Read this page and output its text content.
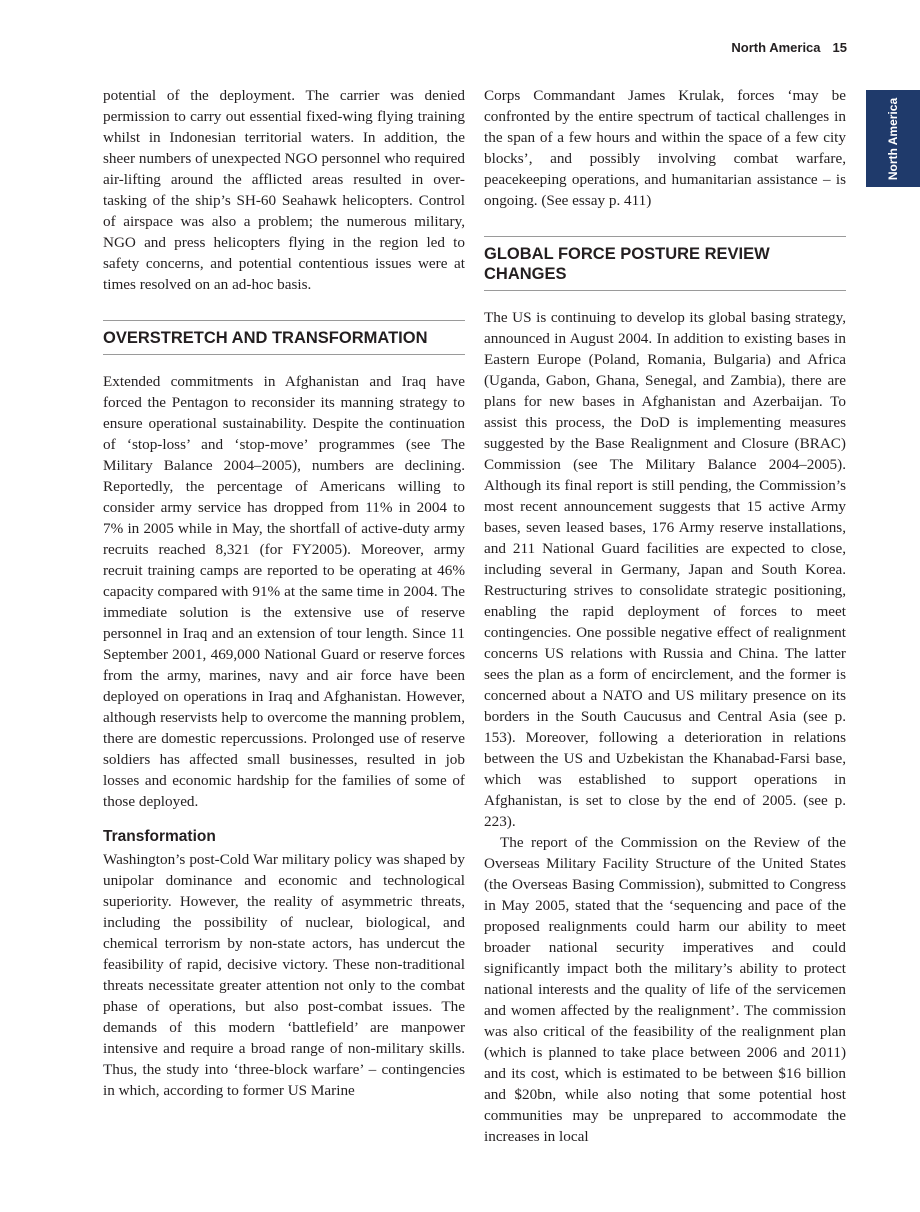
North America 15
North America

potential of the deployment. The carrier was denied permission to carry out essential fixed-wing flying training whilst in Indonesian territorial waters. In addition, the sheer numbers of unexpected NGO personnel who required air-lifting around the afflicted areas resulted in over-tasking of the ship’s SH-60 Seahawk helicopters. Control of airspace was also a problem; the numerous military, NGO and press helicopters flying in the region led to safety concerns, and potential contentious issues were at times resolved on an ad-hoc basis.

OVERSTRETCH AND TRANSFORMATION

Extended commitments in Afghanistan and Iraq have forced the Pentagon to reconsider its manning strategy to ensure operational sustainability. Despite the continuation of ‘stop-loss’ and ‘stop-move’ programmes (see The Military Balance 2004–2005), numbers are declining. Reportedly, the percentage of Americans willing to consider army service has dropped from 11% in 2004 to 7% in 2005 while in May, the shortfall of active-duty army recruits reached 8,321 (for FY2005). Moreover, army recruit training camps are reported to be operating at 46% capacity compared with 91% at the same time in 2004. The immediate solution is the extensive use of reserve personnel in Iraq and an extension of tour length. Since 11 September 2001, 469,000 National Guard or reserve forces from the army, marines, navy and air force have been deployed on operations in Iraq and Afghanistan. However, although reservists help to overcome the manning problem, there are domestic repercussions. Prolonged use of reserve soldiers has affected small businesses, resulted in job losses and economic hardship for the families of some of those deployed.

Transformation

Washington’s post-Cold War military policy was shaped by unipolar dominance and economic and technological superiority. However, the reality of asymmetric threats, including the possibility of nuclear, biological, and chemical terrorism by non-state actors, has undercut the feasibility of rapid, decisive victory. These non-traditional threats necessitate greater attention not only to the combat phase of operations, but also post-combat issues. The demands of this modern ‘battlefield’ are manpower intensive and require a broad range of non-military skills. Thus, the study into ‘three-block warfare’ – contingencies in which, according to former US Marine

Corps Commandant James Krulak, forces ‘may be confronted by the entire spectrum of tactical challenges in the span of a few hours and within the space of a few city blocks’, and possibly involving combat warfare, peacekeeping operations, and humanitarian assistance – is ongoing. (See essay p. 411)

GLOBAL FORCE POSTURE REVIEW CHANGES

The US is continuing to develop its global basing strategy, announced in August 2004. In addition to existing bases in Eastern Europe (Poland, Romania, Bulgaria) and Africa (Uganda, Gabon, Ghana, Senegal, and Zambia), there are plans for new bases in Afghanistan and Azerbaijan. To assist this process, the DoD is implementing measures suggested by the Base Realignment and Closure (BRAC) Commission (see The Military Balance 2004–2005). Although its final report is still pending, the Commission’s most recent announcement suggests that 15 active Army bases, seven leased bases, 176 Army reserve installations, and 211 National Guard facilities are expected to close, including several in Germany, Japan and South Korea. Restructuring strives to consolidate strategic positioning, enabling the rapid deployment of forces to meet contingencies. One possible negative effect of realignment concerns US relations with Russia and China. The latter sees the plan as a form of encirclement, and the former is concerned about a NATO and US military presence on its borders in the South Caucusus and Central Asia (see p. 153). Moreover, following a deterioration in relations between the US and Uzbekistan the Khanabad-Farsi base, which was established to support operations in Afghanistan, is set to close by the end of 2005. (see p. 223).

The report of the Commission on the Review of the Overseas Military Facility Structure of the United States (the Overseas Basing Commission), submitted to Congress in May 2005, stated that the ‘sequencing and pace of the proposed realignments could harm our ability to meet broader national security imperatives and could significantly impact both the military’s ability to protect national interests and the quality of life of the servicemen and women affected by the realignment’. The commission was also critical of the feasibility of the realignment plan (which is planned to take place between 2006 and 2011) and its cost, which is estimated to be between $16 billion and $20bn, while also noting that some potential host communities may be unprepared to accommodate the increases in local
